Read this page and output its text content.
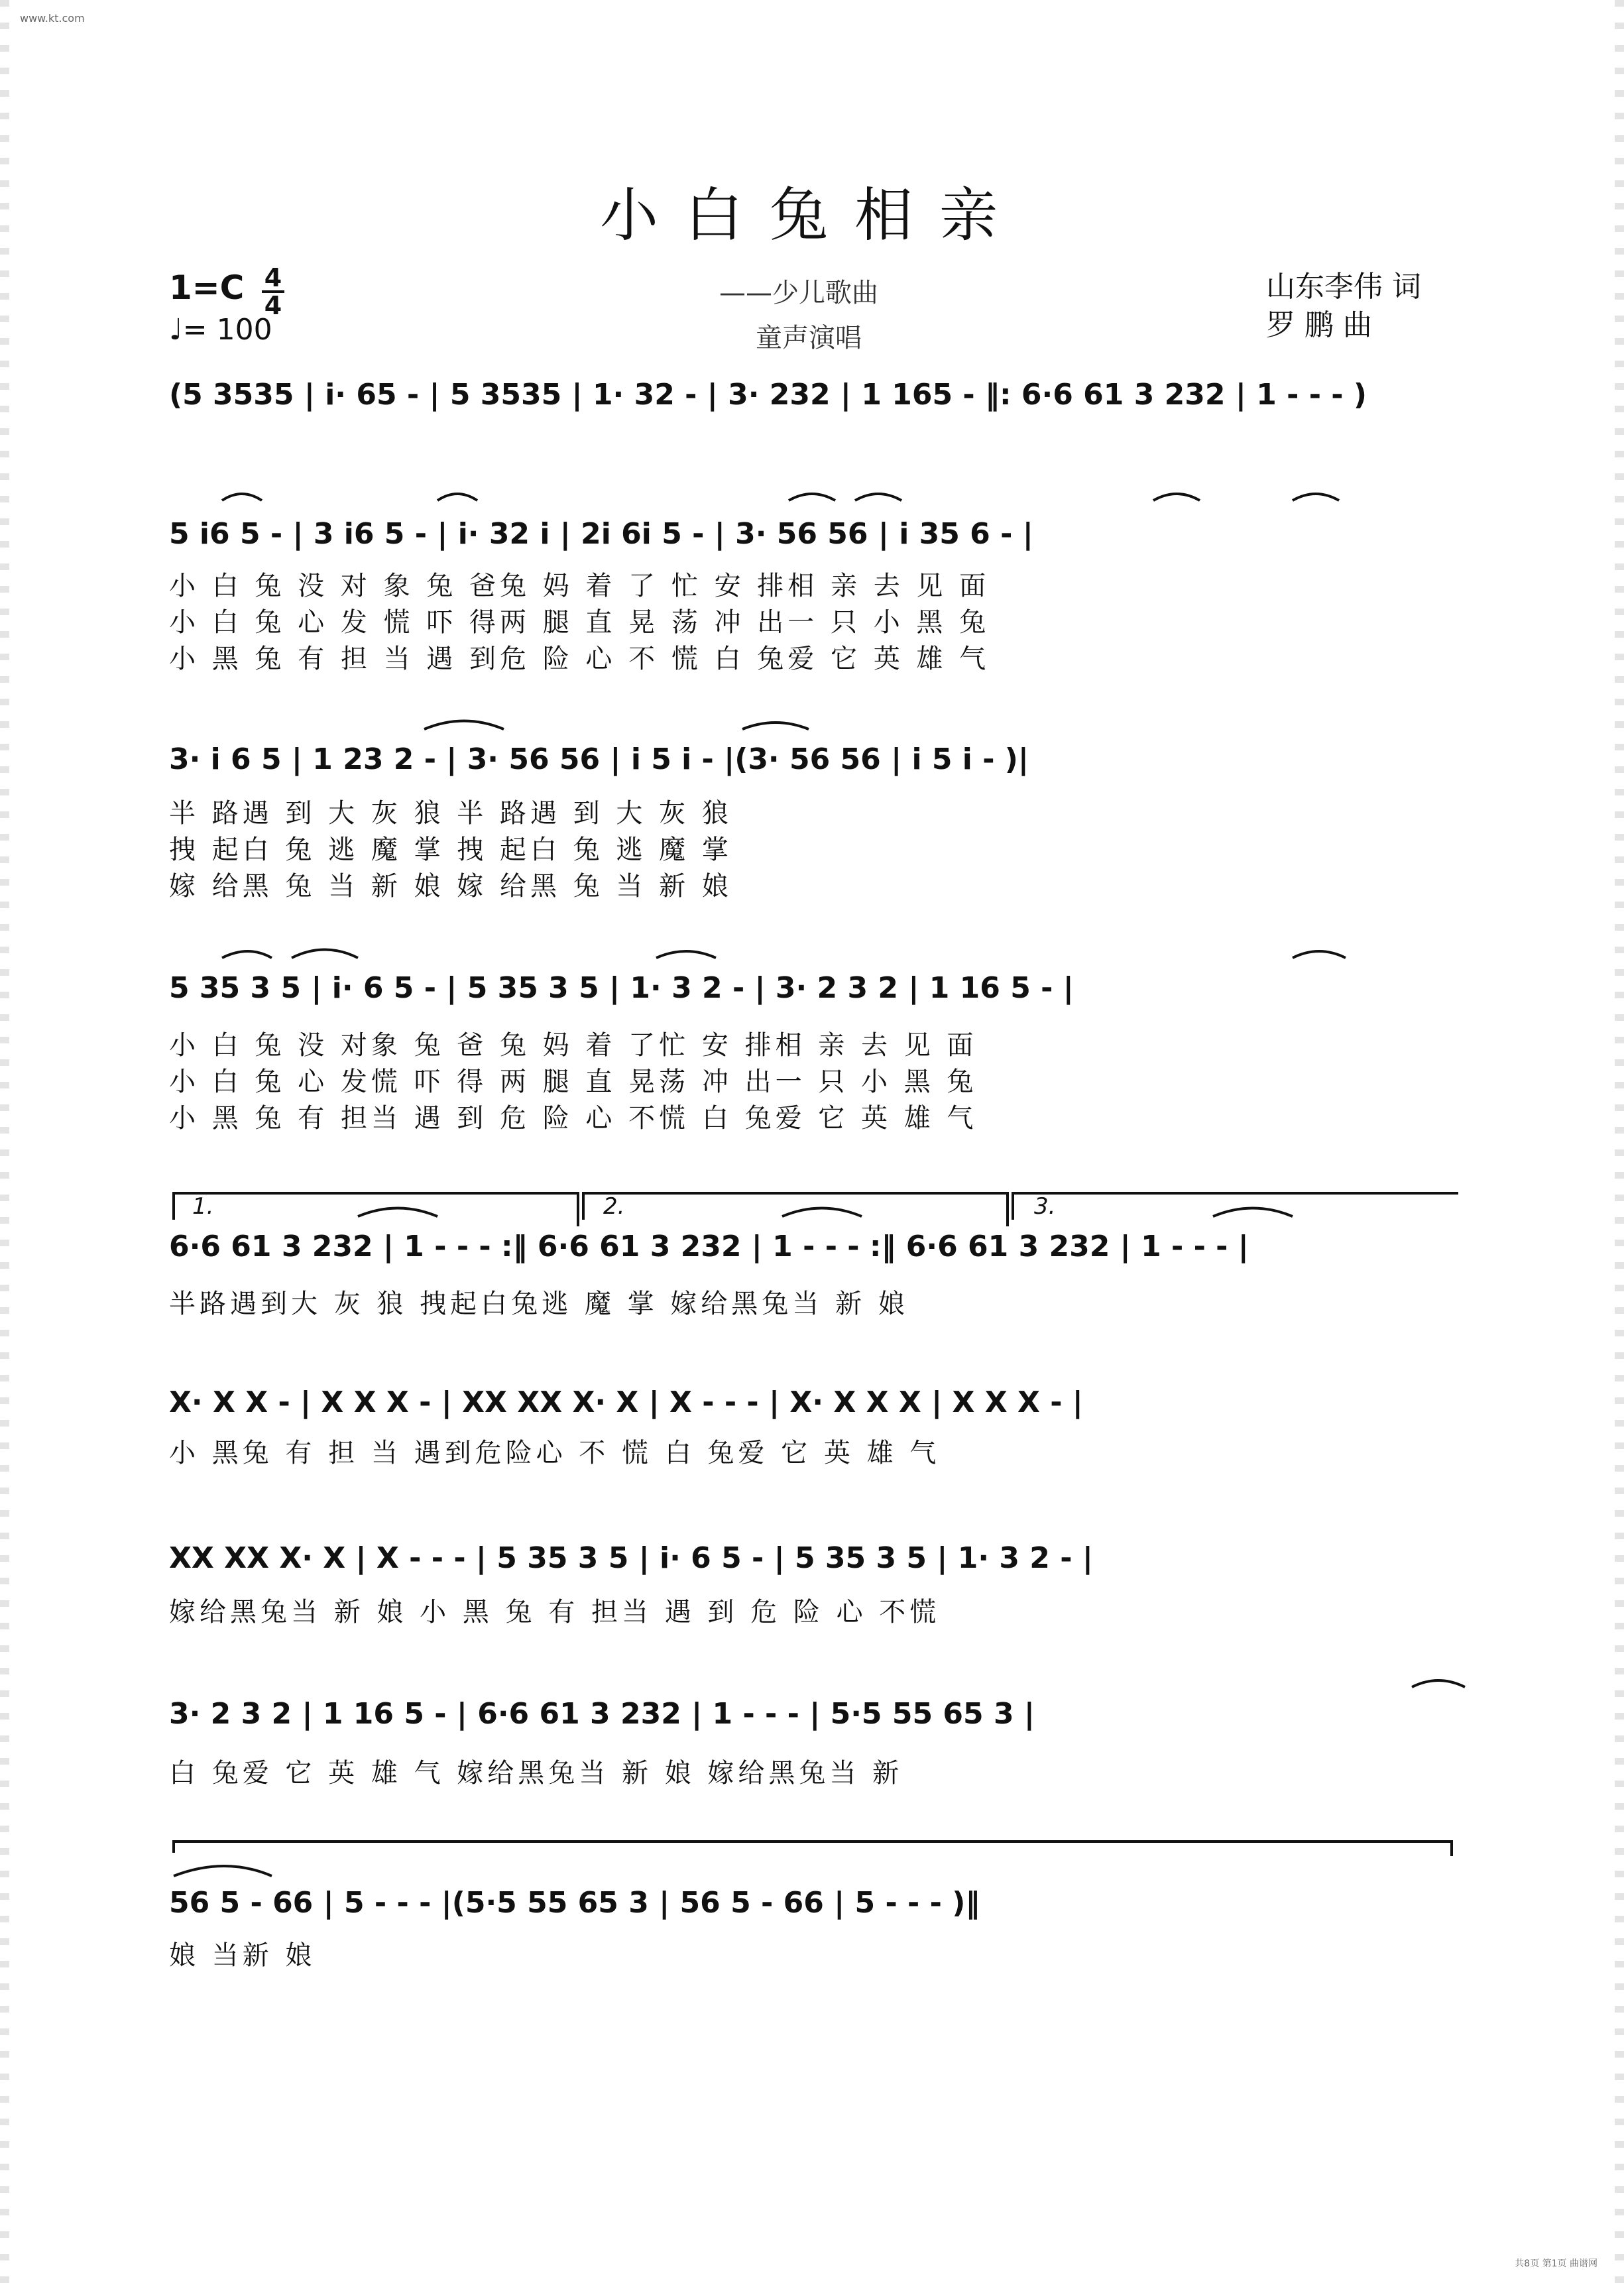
www.kt.com
小白兔相亲
1=C 4
4
♩= 100
——少儿歌曲
童声演唱
山东李伟 词
罗 鹏 曲
(5 3535 | i· 65 - | 5 3535 | 1· 32 - | 3· 232 | 1 165 - ‖: 6·6 61 3 232 | 1 - - - )
5 i6 5 - | 3 i6 5 - | i· 32 i | 2i 6i 5 - | 3· 56 56 | i 35 6 - |
小 白 兔 没 对 象 兔 爸兔 妈 着 了 忙 安 排相 亲 去 见 面
小 白 兔 心 发 慌 吓 得两 腿 直 晃 荡 冲 出一 只 小 黑 兔
小 黑 兔 有 担 当 遇 到危 险 心 不 慌 白 兔爱 它 英 雄 气
3· i 6 5 | 1 23 2 - | 3· 56 56 | i 5 i - |(3· 56 56 | i 5 i - )|
半 路遇 到 大 灰 狼 半 路遇 到 大 灰 狼
拽 起白 兔 逃 魔 掌 拽 起白 兔 逃 魔 掌
嫁 给黑 兔 当 新 娘 嫁 给黑 兔 当 新 娘
5 35 3 5 | i· 6 5 - | 5 35 3 5 | 1· 3 2 - | 3· 2 3 2 | 1 16 5 - |
小 白 兔 没 对象 兔 爸 兔 妈 着 了忙 安 排相 亲 去 见 面
小 白 兔 心 发慌 吓 得 两 腿 直 晃荡 冲 出一 只 小 黑 兔
小 黑 兔 有 担当 遇 到 危 险 心 不慌 白 兔爱 它 英 雄 气
1.	2.	3.
6·6 61 3 232 | 1 - - - :‖ 6·6 61 3 232 | 1 - - - :‖ 6·6 61 3 232 | 1 - - - |
半路遇到大 灰 狼 拽起白兔逃 魔 掌 嫁给黑兔当 新 娘
X· X X - | X X X - | XX XX X· X | X - - - | X· X X X | X X X - |
小 黑兔 有 担 当 遇到危险心 不 慌 白 兔爱 它 英 雄 气
XX XX X· X | X - - - | 5 35 3 5 | i· 6 5 - | 5 35 3 5 | 1· 3 2 - |
嫁给黑兔当 新 娘 小 黑 兔 有 担当 遇 到 危 险 心 不慌
3· 2 3 2 | 1 16 5 - | 6·6 61 3 232 | 1 - - - | 5·5 55 65 3 |
白 兔爱 它 英 雄 气 嫁给黑兔当 新 娘 嫁给黑兔当 新
56 5 - 66 | 5 - - - |(5·5 55 65 3 | 56 5 - 66 | 5 - - - )‖
娘 当新 娘
共8页 第1页 曲谱网
